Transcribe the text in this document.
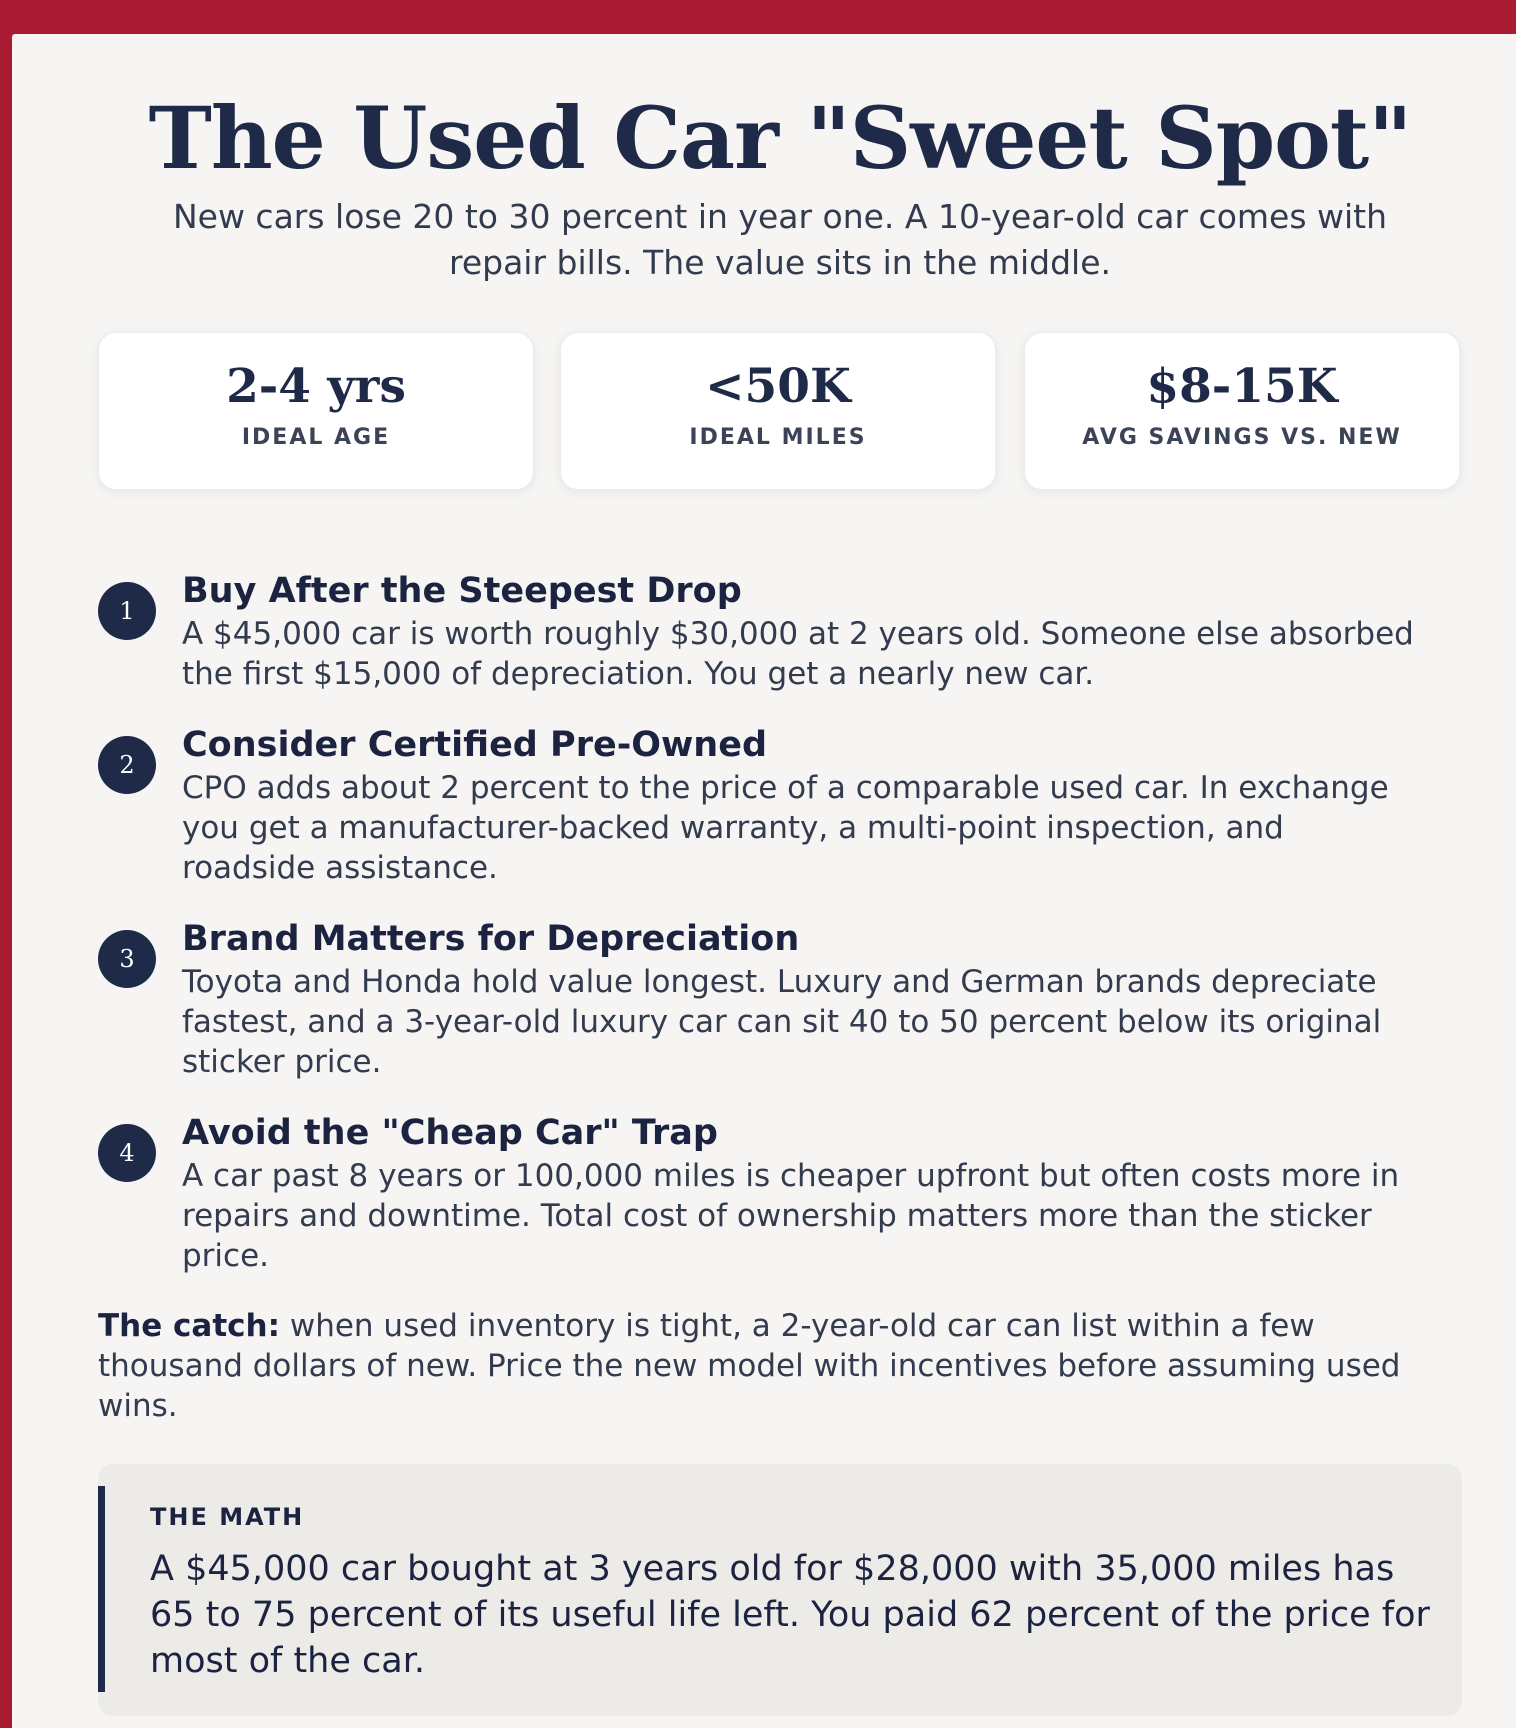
The Used Car "Sweet Spot"
New cars lose 20 to 30 percent in year one. A 10-year-old car comes with repair bills. The value sits in the middle.
2-4 yrs
IDEAL AGE
<50K
IDEAL MILES
$8-15K
AVG SAVINGS VS. NEW
1	Buy After the Steepest Drop
A $45,000 car is worth roughly $30,000 at 2 years old. Someone else absorbed the first $15,000 of depreciation. You get a nearly new car.
2	Consider Certified Pre-Owned
CPO adds about 2 percent to the price of a comparable used car. In exchange you get a manufacturer-backed warranty, a multi-point inspection, and roadside assistance.
3	Brand Matters for Depreciation
Toyota and Honda hold value longest. Luxury and German brands depreciate fastest, and a 3-year-old luxury car can sit 40 to 50 percent below its original sticker price.
4	Avoid the "Cheap Car" Trap
A car past 8 years or 100,000 miles is cheaper upfront but often costs more in repairs and downtime. Total cost of ownership matters more than the sticker price.
The catch: when used inventory is tight, a 2-year-old car can list within a few thousand dollars of new. Price the new model with incentives before assuming used wins.
THE MATH
A $45,000 car bought at 3 years old for $28,000 with 35,000 miles has 65 to 75 percent of its useful life left. You paid 62 percent of the price for most of the car.
